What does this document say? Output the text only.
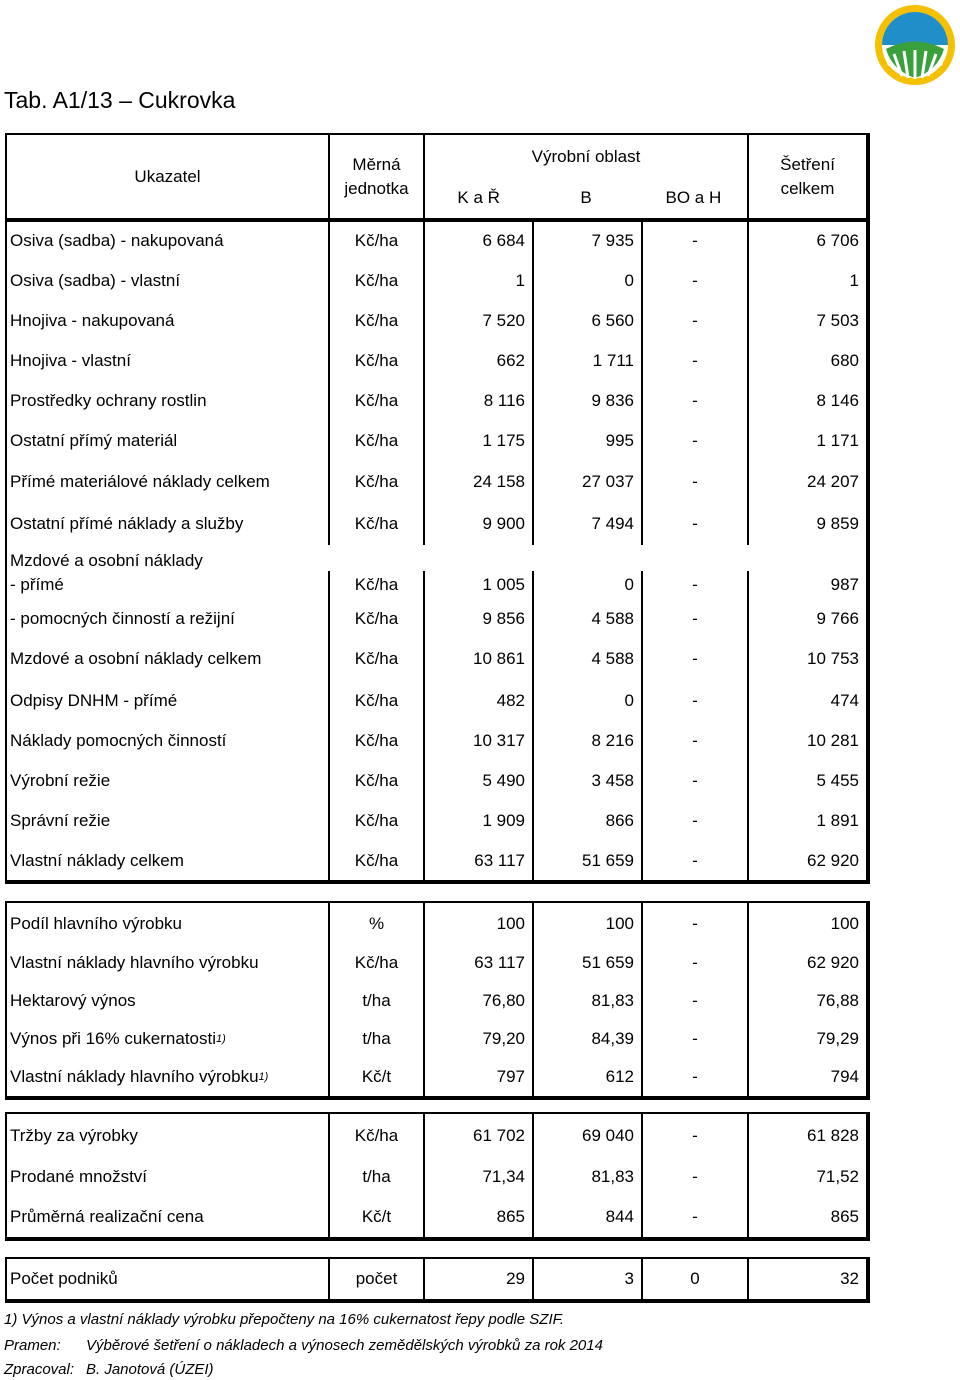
Tab. A1/13 – Cukrovka
Ukazatel

Měrná
jednotka

Výrobní oblast
K a Ř	B	BO a H

Šetření
celkem
Osiva (sadba) - nakupovaná	Kč/ha	6 684	7 935	-	6 706

Osiva (sadba) - vlastní	Kč/ha	1	0	-	1

Hnojiva - nakupovaná	Kč/ha	7 520	6 560	-	7 503

Hnojiva - vlastní	Kč/ha	662	1 711	-	680

Prostředky ochrany rostlin	Kč/ha	8 116	9 836	-	8 146

Ostatní přímý materiál	Kč/ha	1 175	995	-	1 171

Přímé materiálové náklady celkem	Kč/ha	24 158	27 037	-	24 207

Ostatní přímé náklady a služby	Kč/ha	9 900	7 494	-	9 859

Mzdové a osobní náklady					

- přímé	Kč/ha	1 005	0	-	987

- pomocných činností a režijní	Kč/ha	9 856	4 588	-	9 766

Mzdové a osobní náklady celkem	Kč/ha	10 861	4 588	-	10 753

Odpisy DNHM - přímé	Kč/ha	482	0	-	474

Náklady pomocných činností	Kč/ha	10 317	8 216	-	10 281

Výrobní režie	Kč/ha	5 490	3 458	-	5 455

Správní režie	Kč/ha	1 909	866	-	1 891

Vlastní náklady celkem	Kč/ha	63 117	51 659	-	62 920
Podíl hlavního výrobku	%	100	100	-	100

Vlastní náklady hlavního výrobku	Kč/ha	63 117	51 659	-	62 920

Hektarový výnos	t/ha	76,80	81,83	-	76,88

Výnos při 16% cukernatosti 1)	t/ha	79,20	84,39	-	79,29

Vlastní náklady hlavního výrobku 1)	Kč/t	797	612	-	794
Tržby za výrobky	Kč/ha	61 702	69 040	-	61 828

Prodané množství	t/ha	71,34	81,83	-	71,52

Průměrná realizační cena	Kč/t	865	844	-	865
Počet podniků	počet	29	3	0	32
1) Výnos a vlastní náklady výrobku přepočteny na 16% cukernatost řepy podle SZIF.
Pramen: Výběrové šetření o nákladech a výnosech zemědělských výrobků za rok 2014
Zpracoval: B. Janotová (ÚZEI)
